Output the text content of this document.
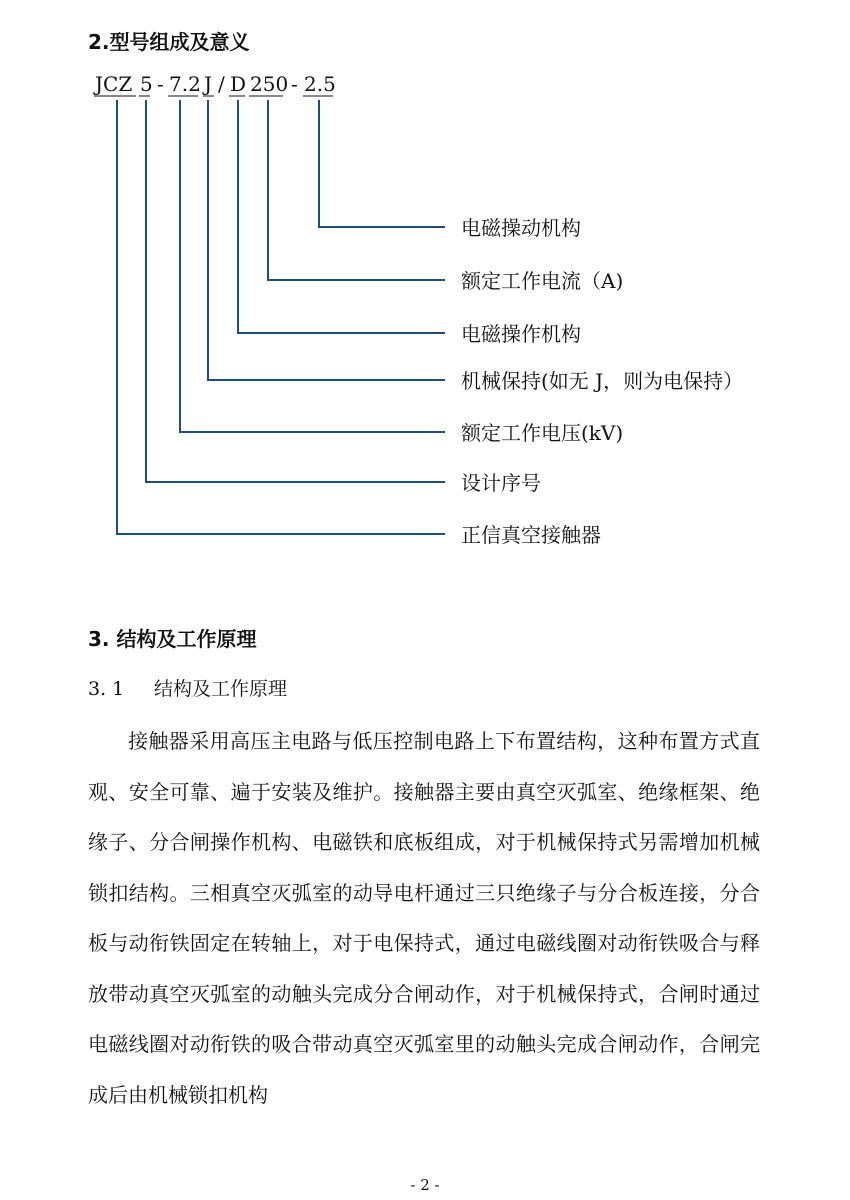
2.型号组成及意义
JCZ 5 - 7.2 J / D 250 - 2.5
电磁操动机构
额定工作电流（A)
电磁操作机构
机械保持(如无 J，则为电保持）
额定工作电压(kV)
设计序号
正信真空接触器
3. 结构及工作原理
3. 1 结构及工作原理

接触器采用高压主电路与低压控制电路上下布置结构，这种布置方式直观、安全可靠、遍于安装及维护。接触器主要由真空灭弧室、绝缘框架、绝缘子、分合闸操作机构、电磁铁和底板组成，对于机械保持式另需增加机械锁扣结构。三相真空灭弧室的动导电杆通过三只绝缘子与分合板连接，分合板与动衔铁固定在转轴上，对于电保持式，通过电磁线圈对动衔铁吸合与释放带动真空灭弧室的动触头完成分合闸动作，对于机械保持式，合闸时通过电磁线圈对动衔铁的吸合带动真空灭弧室里的动触头完成合闸动作，合闸完成后由机械锁扣机构

- 2 -
